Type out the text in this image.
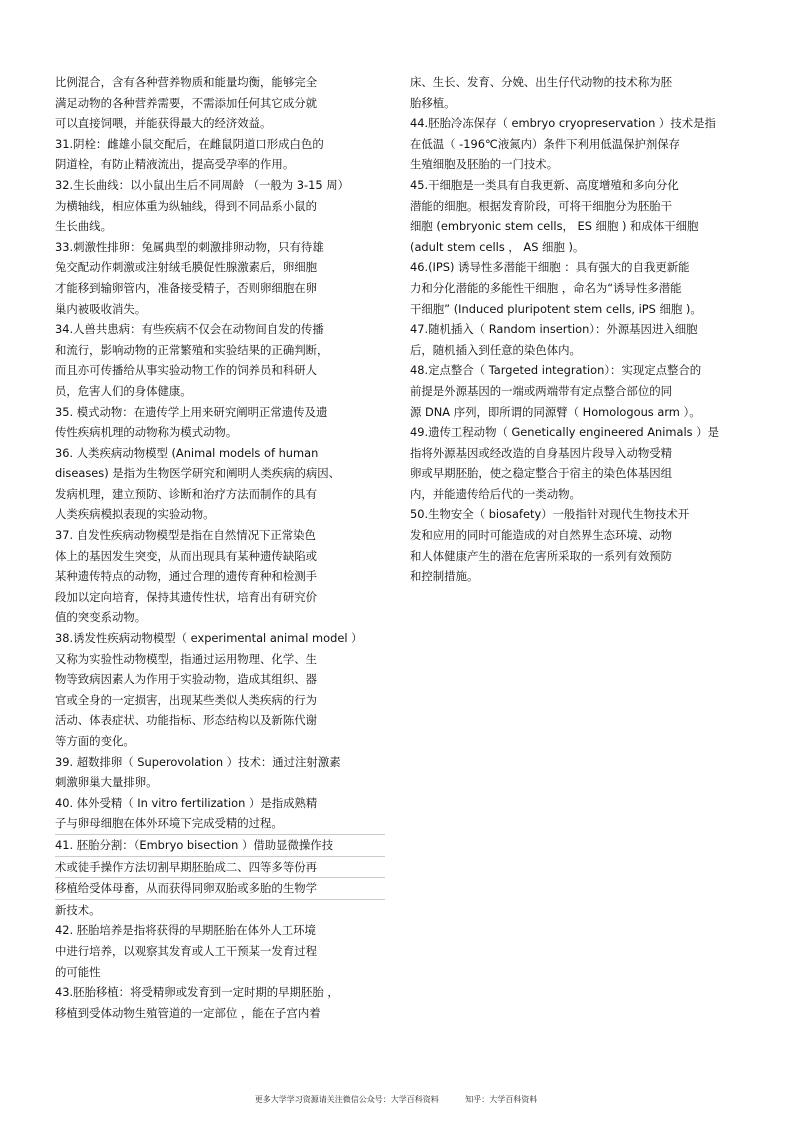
比例混合，含有各种营养物质和能量均衡，能够完全

满足动物的各种营养需要，不需添加任何其它成分就

可以直接饲喂，并能获得最大的经济效益。

31.阴栓：雌雄小鼠交配后，在雌鼠阴道口形成白色的

阴道栓，有防止精液流出，提高受孕率的作用。

32.生长曲线：以小鼠出生后不同周龄 （一般为 3-15 周）

为横轴线，相应体重为纵轴线，得到不同品系小鼠的

生长曲线。

33.刺激性排卵：兔属典型的刺激排卵动物，只有待雄

兔交配动作刺激或注射绒毛膜促性腺激素后，卵细胞

才能移到输卵管内，准备接受精子，否则卵细胞在卵

巢内被吸收消失。

34.人兽共患病：有些疾病不仅会在动物间自发的传播

和流行，影响动物的正常繁殖和实验结果的正确判断，

而且亦可传播给从事实验动物工作的饲养员和科研人

员，危害人们的身体健康。

35. 模式动物：在遗传学上用来研究阐明正常遗传及遗

传性疾病机理的动物称为模式动物。

36. 人类疾病动物模型 (Animal models of human

diseases) 是指为生物医学研究和阐明人类疾病的病因、

发病机理，建立预防、诊断和治疗方法而制作的具有

人类疾病模拟表现的实验动物。

37. 自发性疾病动物模型是指在自然情况下正常染色

体上的基因发生突变，从而出现具有某种遗传缺陷或

某种遗传特点的动物，通过合理的遗传育种和检测手

段加以定向培育，保持其遗传性状，培育出有研究价

值的突变系动物。

38.诱发性疾病动物模型（ experimental animal model ）

又称为实验性动物模型，指通过运用物理、化学、生

物等致病因素人为作用于实验动物，造成其组织、器

官或全身的一定损害，出现某些类似人类疾病的行为

活动、体表症状、功能指标、形态结构以及新陈代谢

等方面的变化。

39. 超数排卵（ Superovolation ）技术：通过注射激素

刺激卵巢大量排卵。

40. 体外受精（ In vitro fertilization ）是指成熟精

子与卵母细胞在体外环境下完成受精的过程。

41. 胚胎分割：（Embryo bisection ）借助显微操作技

术或徒手操作方法切割早期胚胎成二、四等多等份再

移植给受体母畜，从而获得同卵双胎或多胎的生物学

新技术。

42. 胚胎培养是指将获得的早期胚胎在体外人工环境

中进行培养，以观察其发育或人工干预某一发育过程

的可能性

43.胚胎移植：将受精卵或发育到一定时期的早期胚胎 ，

移植到受体动物生殖管道的一定部位 ，能在子宫内着

床、生长、发育、分娩、出生仔代动物的技术称为胚

胎移植。

44.胚胎冷冻保存（ embryo cryopreservation ）技术是指

在低温（ -196℃液氮内）条件下利用低温保护剂保存

生殖细胞及胚胎的一门技术。

45.干细胞是一类具有自我更新、高度增殖和多向分化

潜能的细胞。根据发育阶段，可将干细胞分为胚胎干

细胞 (embryonic stem cells， ES 细胞 ) 和成体干细胞

(adult stem cells ， AS 细胞 )。

46.(IPS) 诱导性多潜能干细胞 ：具有强大的自我更新能

力和分化潜能的多能性干细胞 ，命名为“诱导性多潜能

干细胞” (Induced pluripotent stem cells, iPS 细胞 )。

47.随机插入（ Random insertion）：外源基因进入细胞

后，随机插入到任意的染色体内。

48.定点整合（ Targeted integration）：实现定点整合的

前提是外源基因的一端或两端带有定点整合部位的同

源 DNA 序列，即所谓的同源臂（ Homologous arm ）。

49.遗传工程动物（ Genetically engineered Animals ）是

指将外源基因或经改造的自身基因片段导入动物受精

卵或早期胚胎，使之稳定整合于宿主的染色体基因组

内，并能遗传给后代的一类动物。

50.生物安全（ biosafety）一般指针对现代生物技术开

发和应用的同时可能造成的对自然界生态环境、动物

和人体健康产生的潜在危害所采取的一系列有效预防

和控制措施。

更多大学学习资源请关注微信公众号：大学百科资料	知乎：大学百科资料
